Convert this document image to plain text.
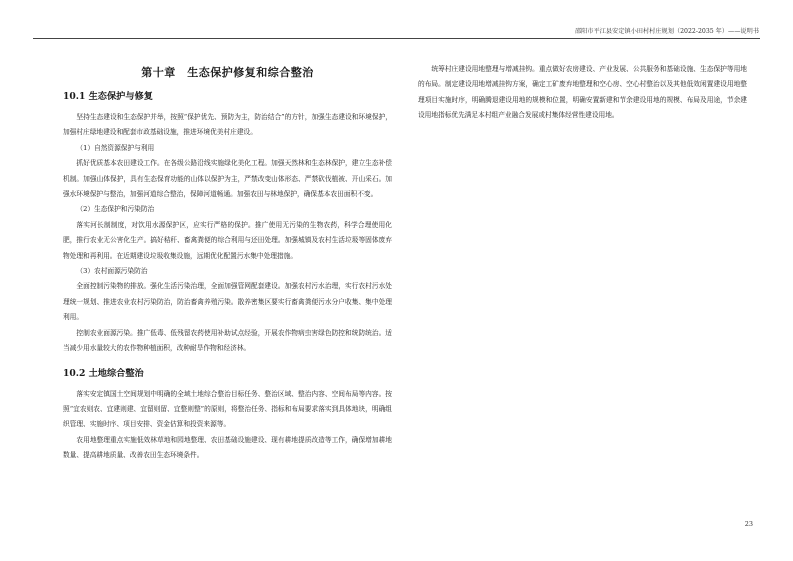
邵阳市平江县安定镇小田村村庄规划（2022-2035 年）——说明书
第十章　生态保护修复和综合整治
10.1 生态保护与修复

坚持生态建设和生态保护并举，按照“保护优先、预防为主，防治结合”的方针，加强生态建设和环境保护，加强村庄绿地建设和配套市政基础设施，推进环境优美村庄建设。

（1）自然资源保护与利用

抓好优质基本农田建设工作。在各级公路沿线实施绿化美化工程。加强天然林和生态林保护，建立生态补偿机制。加强山体保护，具有生态保育功能的山体以保护为主，严禁改变山体形态、严禁砍伐植被、开山采石。加强水环境保护与整治，加强河道综合整治，保障河道畅通。加强农田与林地保护，确保基本农田面积不变。

（2）生态保护和污染防治

落实河长制制度，对饮用水源保护区，应实行严格的保护。推广使用无污染的生物农药，科学合理使用化肥，推行农业无公害化生产。搞好秸秆、畜禽粪便的综合利用与还田处理。加强城镇及农村生活垃圾等固体废弃物处理和再利用。在近期建设垃圾收集设施，远期优化配置污水集中处理措施。

（3）农村面源污染防治

全面控制污染物的排放。强化生活污染治理，全面加强管网配套建设。加强农村污水治理，实行农村污水处理统一规划、推进农业农村污染防治，防治畜禽养殖污染。散养密集区要实行畜禽粪便污水分户收集、集中处理利用。

控制农业面源污染。推广低毒、低残留农药使用补助试点经验，开展农作物病虫害绿色防控和统防统治。适当减少用水量较大的农作物种植面积，改种耐旱作物和经济林。

10.2 土地综合整治

落实安定镇国土空间规划中明确的全域土地综合整治目标任务、整治区域、整治内容、空间布局等内容。按照“宜农则农、宜建则建、宜留则留、宜整则整”的原则，将整治任务、指标和布局要求落实到具体地块，明确组织管理、实施时序、项目安排、资金估算和投资来源等。

农用地整理重点实施低效林草地和园地整理、农田基础设施建设、现有耕地提质改造等工作，确保增加耕地数量、提高耕地质量、改善农田生态环境条件。

统筹村庄建设用地整理与增减挂钩。重点做好农房建设、产业发展、公共服务和基础设施、生态保护等用地的布局。制定建设用地增减挂钩方案，确定工矿废弃地整理和空心房、空心村整治以及其他低效闲置建设用地整理项目实施时序，明确腾退建设用地的规模和位置，明确安置新建和节余建设用地的规模、布局及用途，节余建设用地指标优先满足本村组产业融合发展或村集体经营性建设用地。

23
